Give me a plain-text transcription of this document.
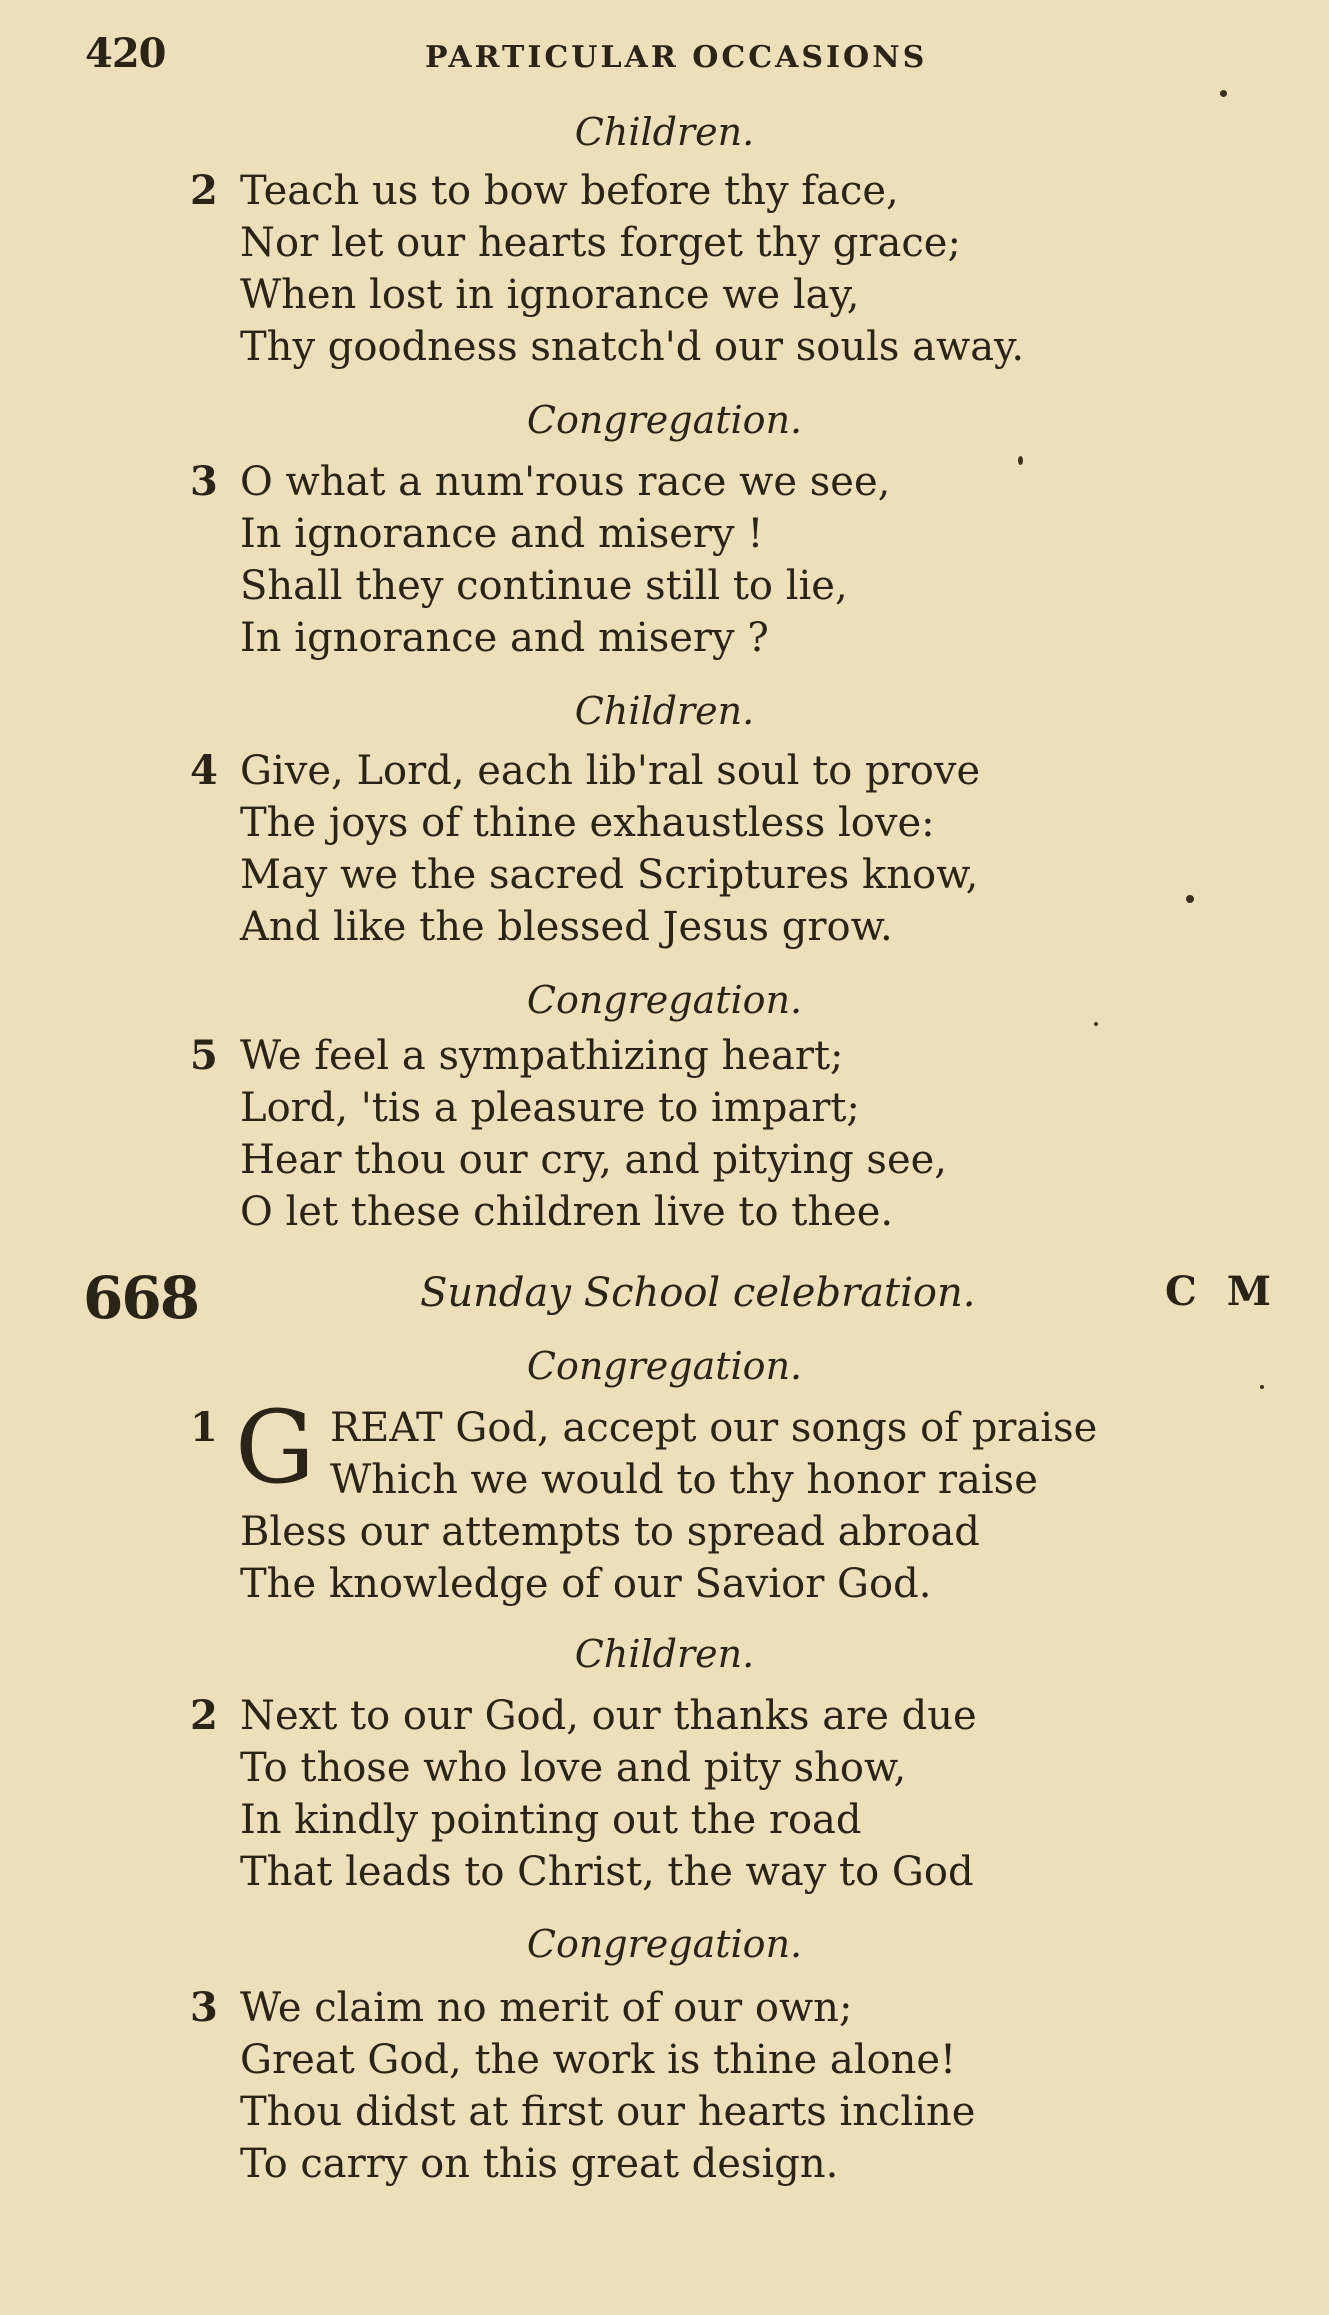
420	PARTICULAR OCCASIONS
Children.
2 Teach us to bow before thy face,
Nor let our hearts forget thy grace;
When lost in ignorance we lay,
Thy goodness snatch'd our souls away.
Congregation.
3 O what a num'rous race we see,
In ignorance and misery !
Shall they continue still to lie,
In ignorance and misery ?
Children.
4 Give, Lord, each lib'ral soul to prove
The joys of thine exhaustless love:
May we the sacred Scriptures know,
And like the blessed Jesus grow.
Congregation.
5 We feel a sympathizing heart;
Lord, 'tis a pleasure to impart;
Hear thou our cry, and pitying see,
O let these children live to thee.
668	Sunday School celebration.	C M
Congregation.
1 G REAT God, accept our songs of praise
Which we would to thy honor raise
Bless our attempts to spread abroad
The knowledge of our Savior God.
Children.
2 Next to our God, our thanks are due
To those who love and pity show,
In kindly pointing out the road
That leads to Christ, the way to God
Congregation.
3 We claim no merit of our own;
Great God, the work is thine alone!
Thou didst at first our hearts incline
To carry on this great design.
